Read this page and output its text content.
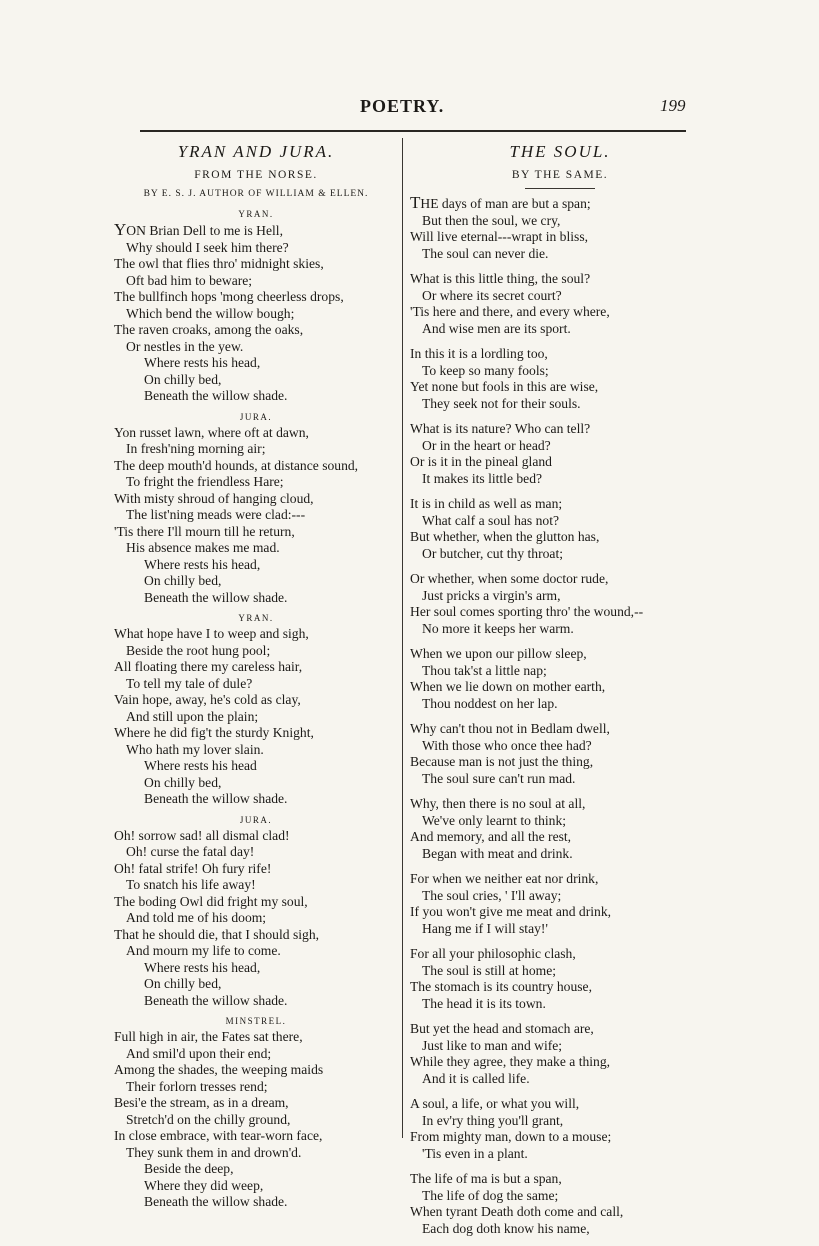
POETRY.	199

YRAN AND JURA.

FROM THE NORSE.

BY E. S. J. AUTHOR OF WILLIAM & ELLEN.

YRAN.

YON Brian Dell to me is Hell,
Why should I seek him there?
The owl that flies thro' midnight skies,
Oft bad him to beware;
The bullfinch hops 'mong cheerless drops,
Which bend the willow bough;
The raven croaks, among the oaks,
Or nestles in the yew.
Where rests his head,
On chilly bed,
Beneath the willow shade.

JURA.

Yon russet lawn, where oft at dawn,
In fresh'ning morning air;
The deep mouth'd hounds, at distance sound,
To fright the friendless Hare;
With misty shroud of hanging cloud,
The list'ning meads were clad:---
'Tis there I'll mourn till he return,
His absence makes me mad.
Where rests his head,
On chilly bed,
Beneath the willow shade.

YRAN.

What hope have I to weep and sigh,
Beside the root hung pool;
All floating there my careless hair,
To tell my tale of dule?
Vain hope, away, he's cold as clay,
And still upon the plain;
Where he did fig't the sturdy Knight,
Who hath my lover slain.
Where rests his head
On chilly bed,
Beneath the willow shade.

JURA.

Oh! sorrow sad! all dismal clad!
Oh! curse the fatal day!
Oh! fatal strife! Oh fury rife!
To snatch his life away!
The boding Owl did fright my soul,
And told me of his doom;
That he should die, that I should sigh,
And mourn my life to come.
Where rests his head,
On chilly bed,
Beneath the willow shade.

MINSTREL.

Full high in air, the Fates sat there,
And smil'd upon their end;
Among the shades, the weeping maids
Their forlorn tresses rend;
Besi'e the stream, as in a dream,
Stretch'd on the chilly ground,
In close embrace, with tear-worn face,
They sunk them in and drown'd.
Beside the deep,
Where they did weep,
Beneath the willow shade.

THE SOUL.

BY THE SAME.

THE days of man are but a span;
But then the soul, we cry,
Will live eternal---wrapt in bliss,
The soul can never die.
What is this little thing, the soul?
Or where its secret court?
'Tis here and there, and every where,
And wise men are its sport.
In this it is a lordling too,
To keep so many fools;
Yet none but fools in this are wise,
They seek not for their souls.
What is its nature? Who can tell?
Or in the heart or head?
Or is it in the pineal gland
It makes its little bed?
It is in child as well as man;
What calf a soul has not?
But whether, when the glutton has,
Or butcher, cut thy throat;
Or whether, when some doctor rude,
Just pricks a virgin's arm,
Her soul comes sporting thro' the wound,--
No more it keeps her warm.
When we upon our pillow sleep,
Thou tak'st a little nap;
When we lie down on mother earth,
Thou noddest on her lap.
Why can't thou not in Bedlam dwell,
With those who once thee had?
Because man is not just the thing,
The soul sure can't run mad.
Why, then there is no soul at all,
We've only learnt to think;
And memory, and all the rest,
Began with meat and drink.
For when we neither eat nor drink,
The soul cries, ' I'll away;
If you won't give me meat and drink,
Hang me if I will stay!'
For all your philosophic clash,
The soul is still at home;
The stomach is its country house,
The head it is its town.
But yet the head and stomach are,
Just like to man and wife;
While they agree, they make a thing,
And it is called life.
A soul, a life, or what you will,
In ev'ry thing you'll grant,
From mighty man, down to a mouse;
'Tis even in a plant.
The life of ma is but a span,
The life of dog the same;
When tyrant Death doth come and call,
Each dog doth know his name,
